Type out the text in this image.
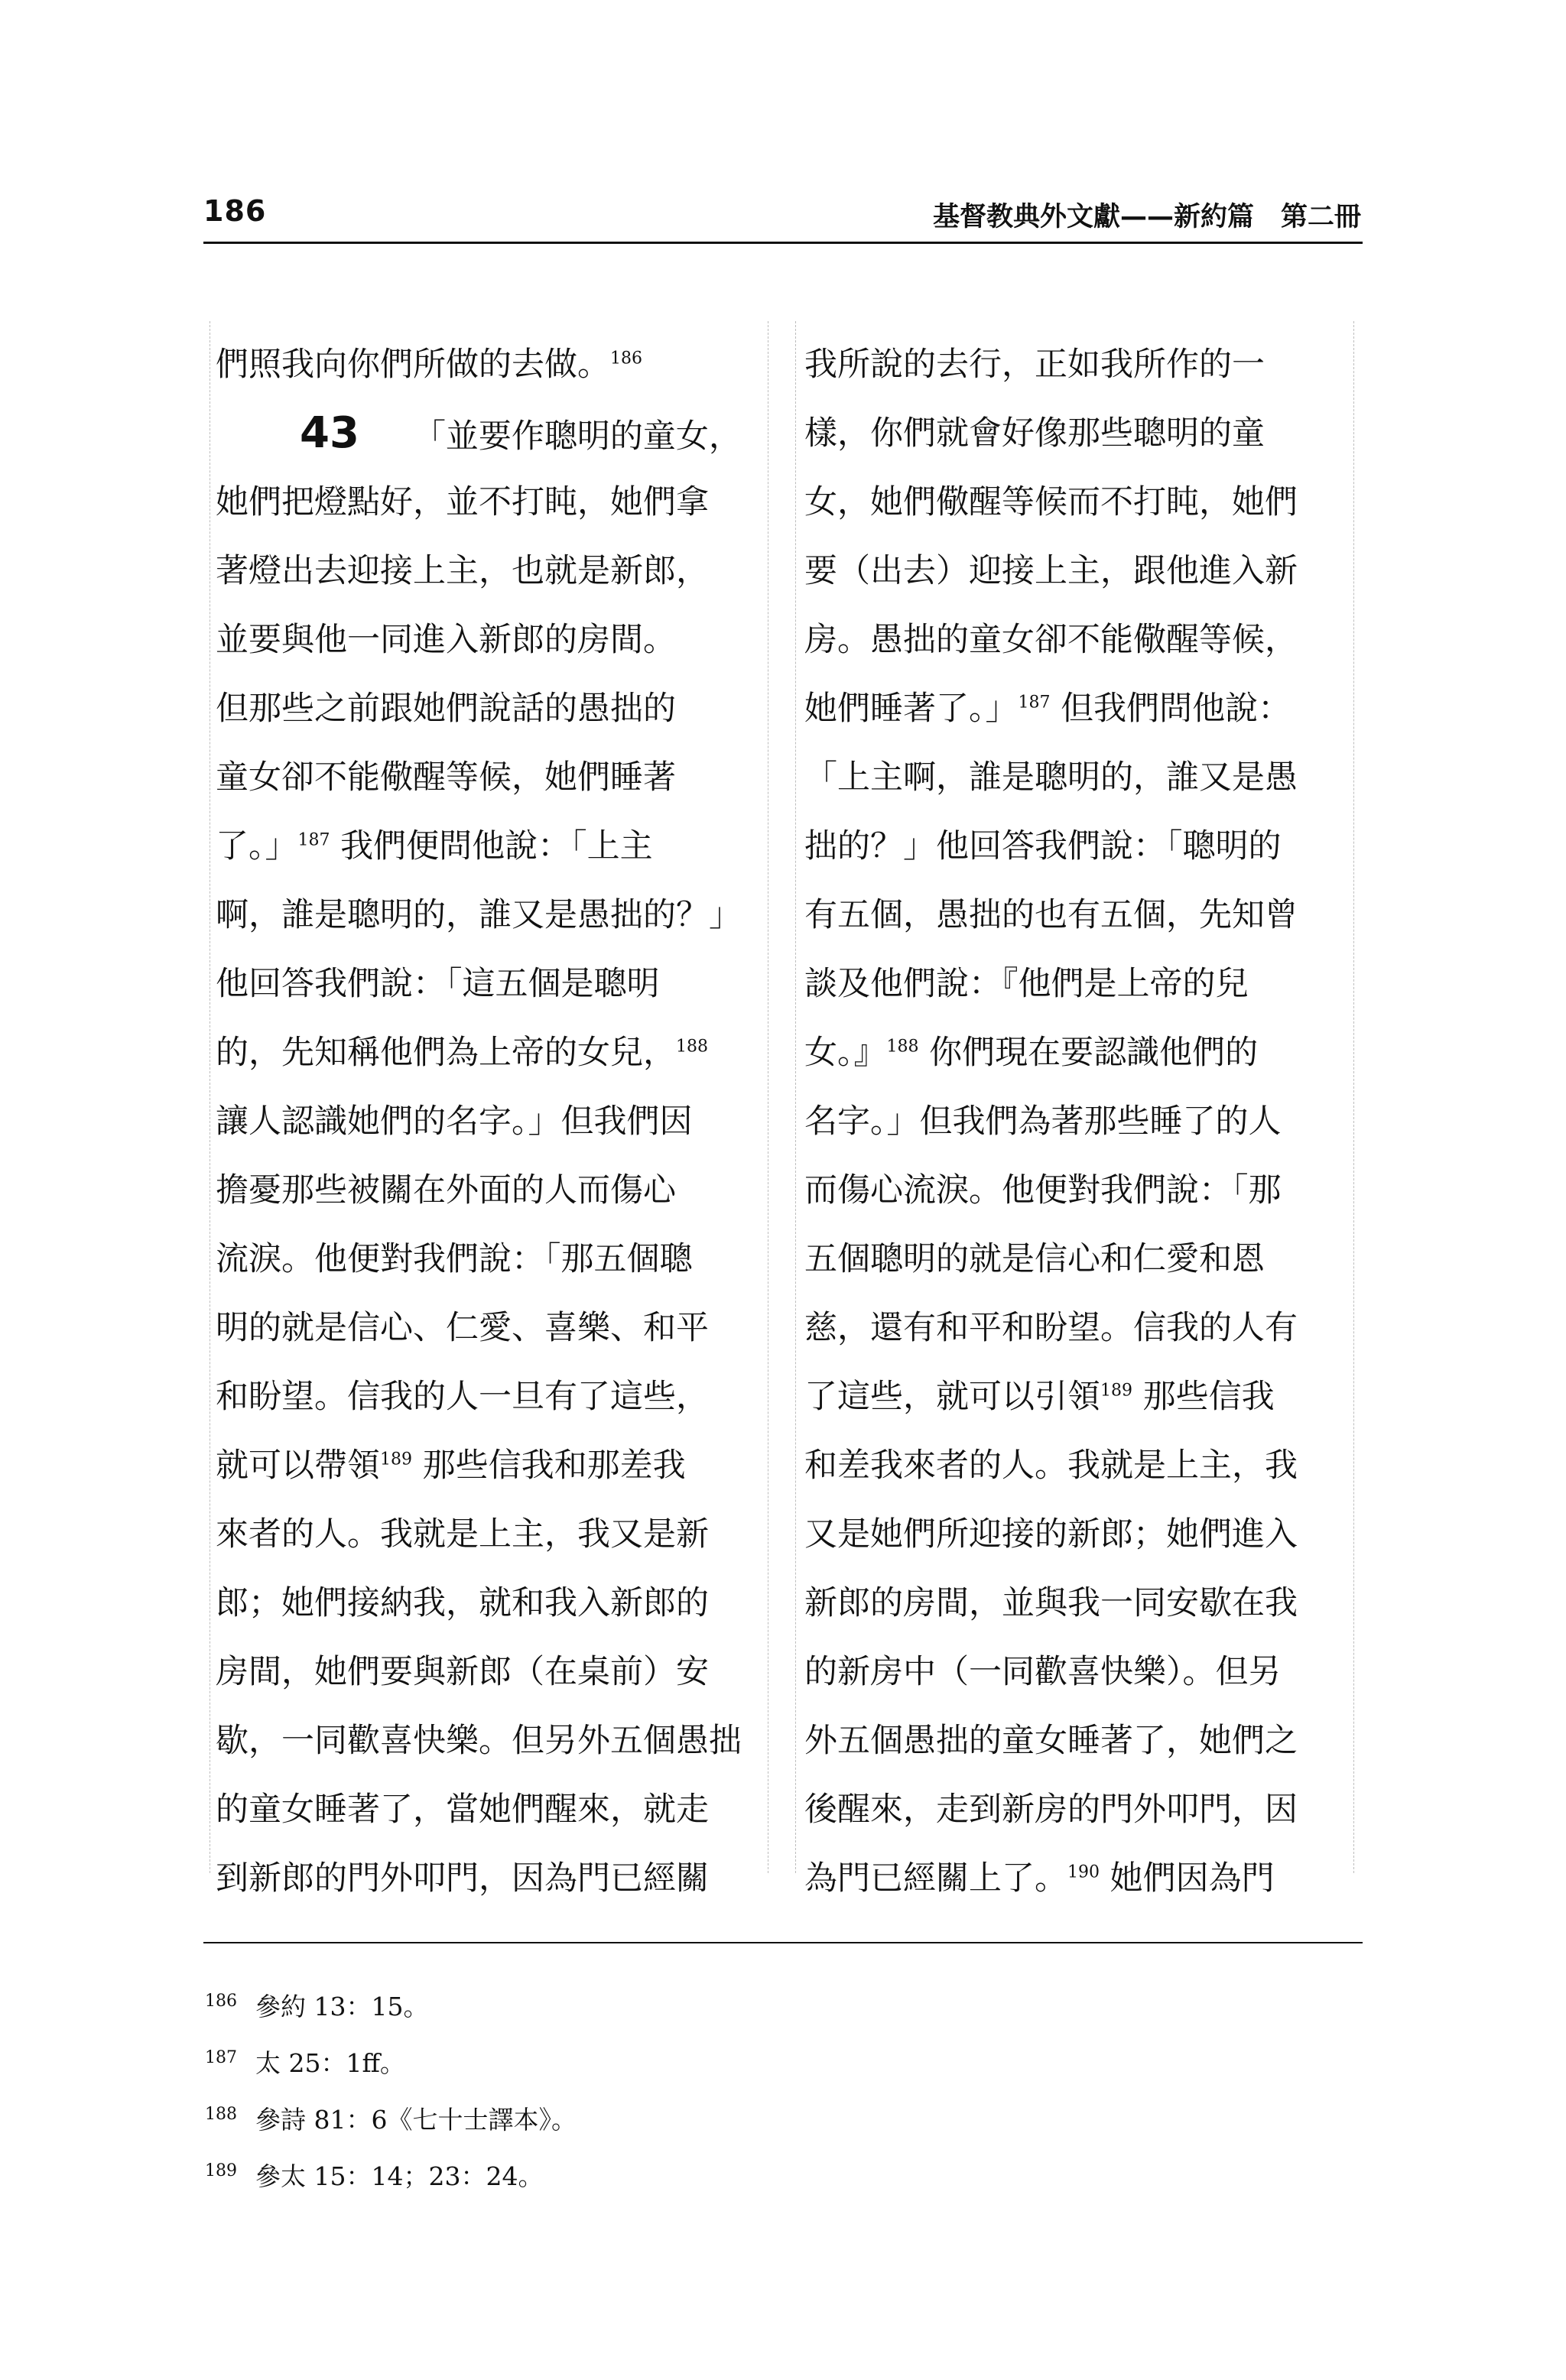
186	基督教典外文獻——新約篇　第二冊
們照我向你們所做的去做。$^{186}$
43 「並要作聰明的童女，
她們把燈點好，並不打盹，她們拿
著燈出去迎接上主，也就是新郎，
並要與他一同進入新郎的房間。
但那些之前跟她們說話的愚拙的
童女卻不能儆醒等候，她們睡著
了。」$^{187}$ 我們便問他說：「上主
啊，誰是聰明的，誰又是愚拙的？」
他回答我們說：「這五個是聰明
的，先知稱他們為上帝的女兒，$^{188}$
讓人認識她們的名字。」但我們因
擔憂那些被關在外面的人而傷心
流淚。他便對我們說：「那五個聰
明的就是信心、仁愛、喜樂、和平
和盼望。信我的人一旦有了這些，
就可以帶領$^{189}$ 那些信我和那差我
來者的人。我就是上主，我又是新
郎；她們接納我，就和我入新郎的
房間，她們要與新郎（在桌前）安
歇，一同歡喜快樂。但另外五個愚拙
的童女睡著了，當她們醒來，就走
到新郎的門外叩門，因為門已經關
我所說的去行，正如我所作的一
樣，你們就會好像那些聰明的童
女，她們儆醒等候而不打盹，她們
要（出去）迎接上主，跟他進入新
房。愚拙的童女卻不能儆醒等候，
她們睡著了。」$^{187}$ 但我們問他說：
「上主啊，誰是聰明的，誰又是愚
拙的？」他回答我們說：「聰明的
有五個，愚拙的也有五個，先知曾
談及他們說：『他們是上帝的兒
女。』$^{188}$ 你們現在要認識他們的
名字。」但我們為著那些睡了的人
而傷心流淚。他便對我們說：「那
五個聰明的就是信心和仁愛和恩
慈，還有和平和盼望。信我的人有
了這些，就可以引領$^{189}$ 那些信我
和差我來者的人。我就是上主，我
又是她們所迎接的新郎；她們進入
新郎的房間，並與我一同安歇在我
的新房中（一同歡喜快樂）。但另
外五個愚拙的童女睡著了，她們之
後醒來，走到新房的門外叩門，因
為門已經關上了。$^{190}$ 她們因為門
$^{186}$ 參約 13：15。
$^{187}$ 太 25：1ff。
$^{188}$ 參詩 81：6《七十士譯本》。
$^{189}$ 參太 15：14；23：24。
